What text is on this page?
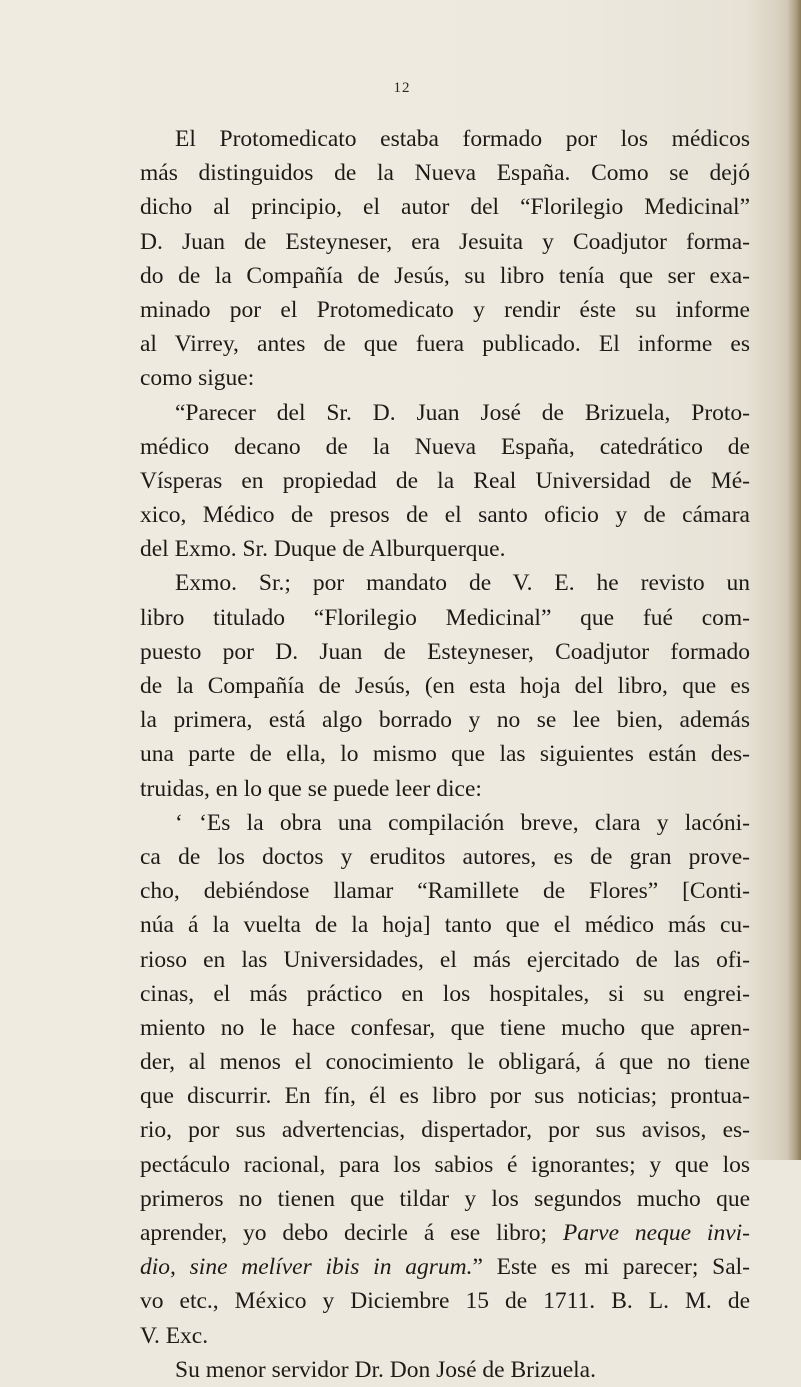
12
El Protomedicato estaba formado por los médicos
más distinguidos de la Nueva España. Como se dejó
dicho al principio, el autor del “Florilegio Medicinal”
D. Juan de Esteyneser, era Jesuita y Coadjutor forma-
do de la Compañía de Jesús, su libro tenía que ser exa-
minado por el Protomedicato y rendir éste su informe
al Virrey, antes de que fuera publicado. El informe es
como sigue:
“Parecer del Sr. D. Juan José de Brizuela, Proto-
médico decano de la Nueva España, catedrático de
Vísperas en propiedad de la Real Universidad de Mé-
xico, Médico de presos de el santo oficio y de cámara
del Exmo. Sr. Duque de Alburquerque.
Exmo. Sr.; por mandato de V. E. he revisto un
libro titulado “Florilegio Medicinal” que fué com-
puesto por D. Juan de Esteyneser, Coadjutor formado
de la Compañía de Jesús, (en esta hoja del libro, que es
la primera, está algo borrado y no se lee bien, además
una parte de ella, lo mismo que las siguientes están des-
truidas, en lo que se puede leer dice:
‘ ‘Es la obra una compilación breve, clara y lacóni-
ca de los doctos y eruditos autores, es de gran prove-
cho, debiéndose llamar “Ramillete de Flores” [Conti-
núa á la vuelta de la hoja] tanto que el médico más cu-
rioso en las Universidades, el más ejercitado de las ofi-
cinas, el más práctico en los hospitales, si su engrei-
miento no le hace confesar, que tiene mucho que apren-
der, al menos el conocimiento le obligará, á que no tiene
que discurrir. En fín, él es libro por sus noticias; prontua-
rio, por sus advertencias, dispertador, por sus avisos, es-
pectáculo racional, para los sabios é ignorantes; y que los
primeros no tienen que tildar y los segundos mucho que
aprender, yo debo decirle á ese libro; Parve neque invi-
dio, sine melíver ibis in agrum.” Este es mi parecer; Sal-
vo etc., México y Diciembre 15 de 1711. B. L. M. de
V. Exc.
Su menor servidor Dr. Don José de Brizuela.
